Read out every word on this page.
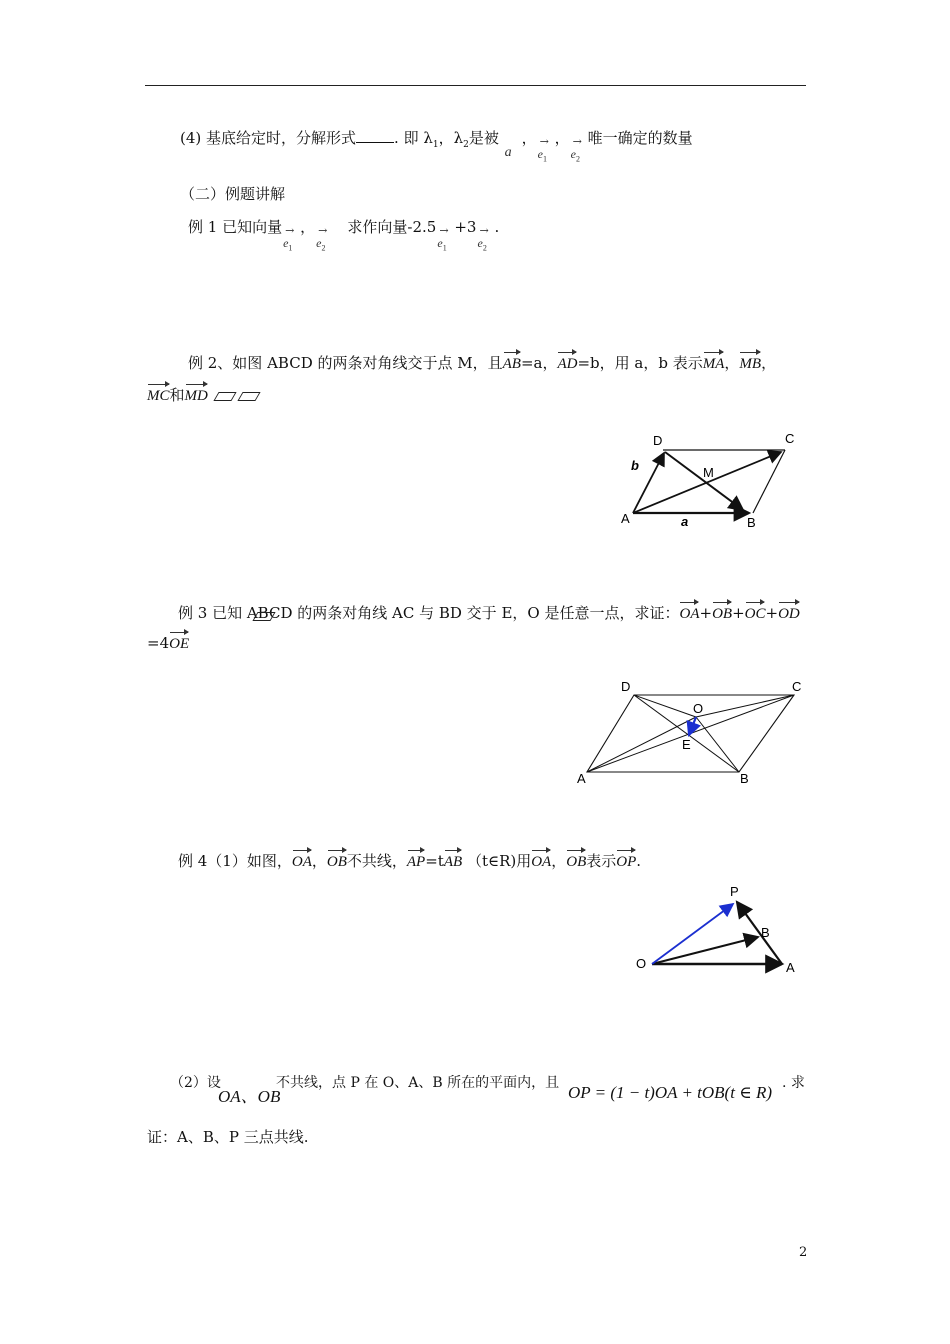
(4) 基底给定时，分解形式	. 即 $\lambda_1$，$\lambda_2$是被
a
， →
$e_1$
， →
$e_2$
唯一确定的数量
（二）例题讲解
例 1 已知向量 →
$e_1$
， →
$e_2$
求作向量-2.5 →
$e_1$
+3 →
$e_2$
.
例 2、如图 ABCD 的两条对角线交于点 M，且AB=a，AD=b，用 a，b 表示MA，MB，
MC和MD
D	C
A	B
M
b
a
例 3 已知 ABCD 的两条对角线 AC 与 BD 交于 E，O 是任意一点，求证：OA+OB+OC+OD
=4OE
D	C
A	B
O
E
例 4（1）如图，OA，OB不共线，AP=tAB （t∈R)用OA，OB表示OP.
P
B
O	A
（2）设
OA、OB
不共线，点 P 在 O、A、B 所在的平面内，且 OP = (1 − t)OA + tOB(t ∈ R) . 求
证：A、B、P 三点共线.
2
